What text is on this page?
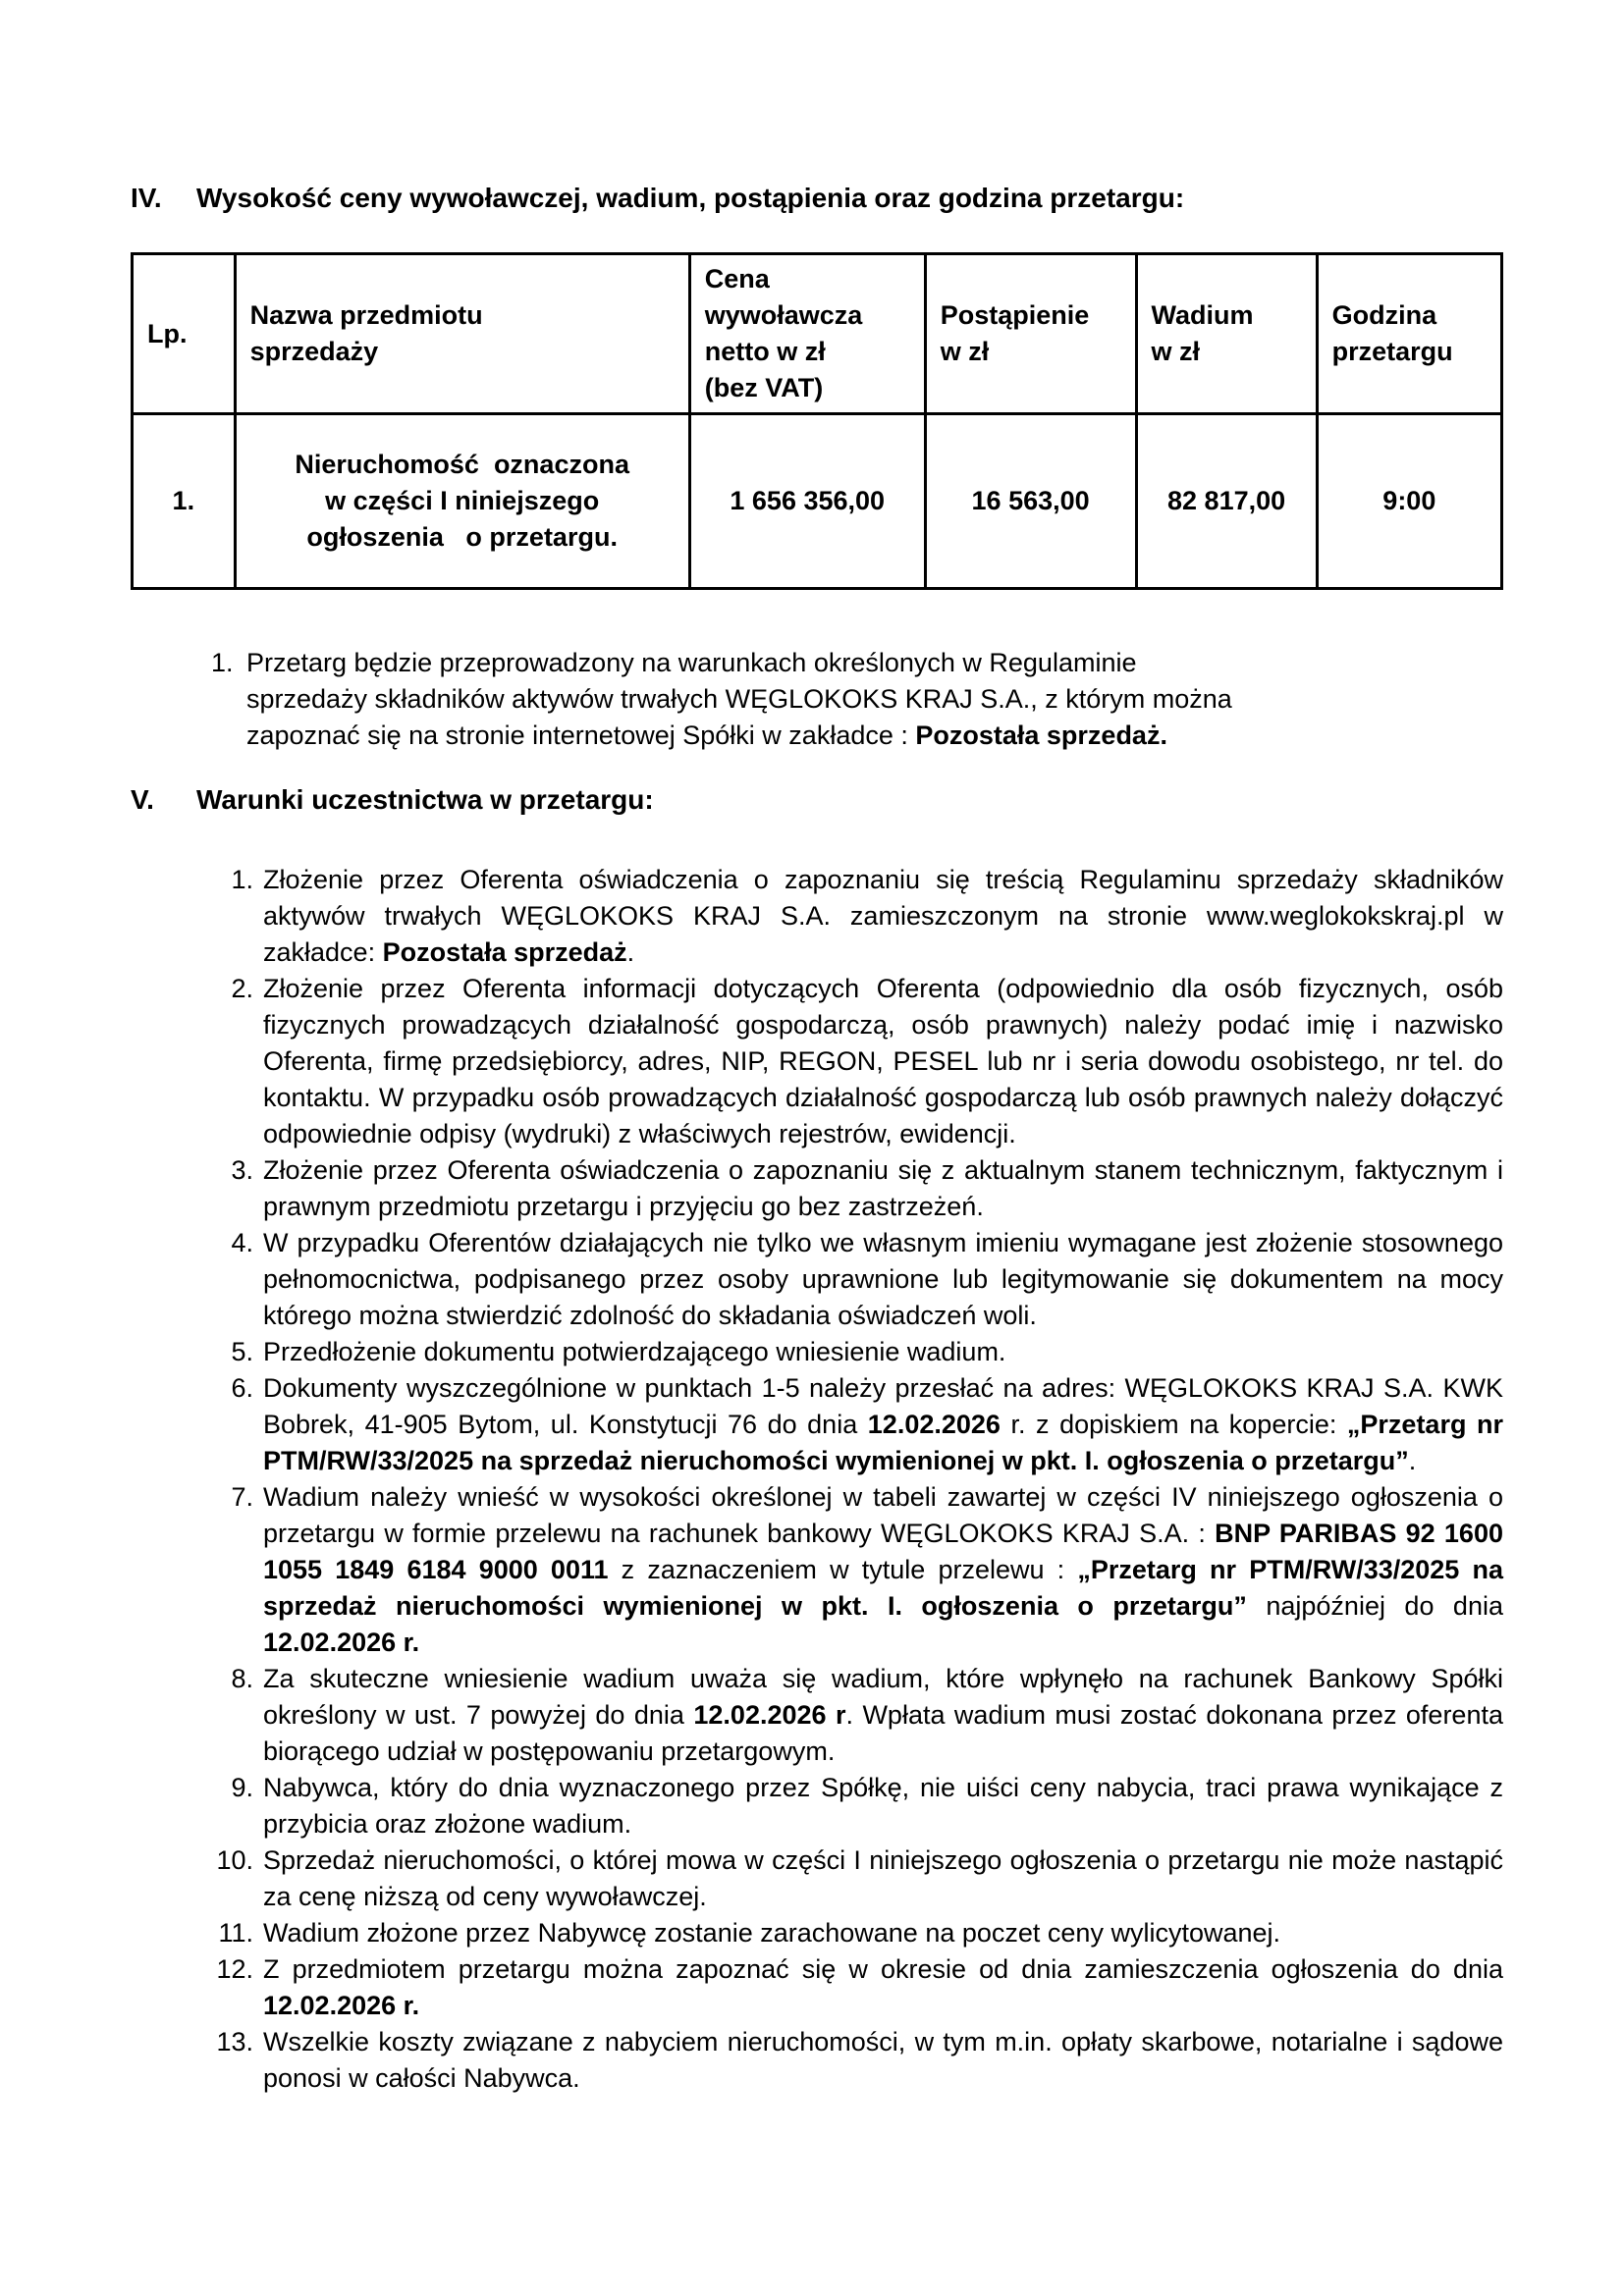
IV.	Wysokość ceny wywoławczej, wadium, postąpienia oraz godzina przetargu:
Lp.	Nazwa przedmiotu sprzedaży	Cena wywoławcza netto w zł (bez VAT)	Postąpienie w zł	Wadium w zł	Godzina przetargu

1.	Nieruchomość  oznaczona
w części I niniejszego
ogłoszenia   o przetargu.	1 656 356,00	16 563,00	82 817,00	9:00
1. Przetarg będzie przeprowadzony na warunkach określonych w Regulaminie sprzedaży składników aktywów trwałych WĘGLOKOKS KRAJ S.A., z którym można zapoznać się na stronie internetowej Spółki w zakładce : Pozostała sprzedaż.
V.	Warunki uczestnictwa w przetargu:
1. Złożenie przez Oferenta oświadczenia o zapoznaniu się treścią Regulaminu sprzedaży składników aktywów trwałych WĘGLOKOKS KRAJ S.A. zamieszczonym na stronie www.weglokokskraj.pl w zakładce: Pozostała sprzedaż.
2. Złożenie przez Oferenta informacji dotyczących Oferenta (odpowiednio dla osób fizycznych, osób fizycznych prowadzących działalność gospodarczą, osób prawnych) należy podać imię i nazwisko Oferenta, firmę przedsiębiorcy, adres, NIP, REGON, PESEL lub nr i seria dowodu osobistego, nr tel. do kontaktu. W przypadku osób prowadzących działalność gospodarczą lub osób prawnych należy dołączyć odpowiednie odpisy (wydruki) z właściwych rejestrów, ewidencji.
3. Złożenie przez Oferenta oświadczenia o zapoznaniu się z aktualnym stanem technicznym, faktycznym i prawnym przedmiotu przetargu i przyjęciu go bez zastrzeżeń.
4. W przypadku Oferentów działających nie tylko we własnym imieniu wymagane jest złożenie stosownego pełnomocnictwa, podpisanego przez osoby uprawnione lub legitymowanie się dokumentem na mocy którego można stwierdzić zdolność do składania oświadczeń woli.
5. Przedłożenie dokumentu potwierdzającego wniesienie wadium.
6. Dokumenty wyszczególnione w punktach 1-5 należy przesłać na adres: WĘGLOKOKS KRAJ S.A. KWK Bobrek, 41-905 Bytom, ul. Konstytucji 76 do dnia 12.02.2026 r. z dopiskiem na kopercie: „Przetarg nr PTM/RW/33/2025 na sprzedaż nieruchomości wymienionej w pkt. I. ogłoszenia o przetargu”.
7. Wadium należy wnieść w wysokości określonej w tabeli zawartej w części IV niniejszego ogłoszenia o przetargu w formie przelewu na rachunek bankowy WĘGLOKOKS KRAJ S.A. : BNP PARIBAS 92 1600 1055 1849 6184 9000 0011 z zaznaczeniem w tytule przelewu : „Przetarg nr PTM/RW/33/2025 na sprzedaż nieruchomości wymienionej w pkt. I. ogłoszenia o przetargu” najpóźniej do dnia 12.02.2026 r.
8. Za skuteczne wniesienie wadium uważa się wadium, które wpłynęło na rachunek Bankowy Spółki określony w ust. 7 powyżej do dnia 12.02.2026 r. Wpłata wadium musi zostać dokonana przez oferenta biorącego udział w postępowaniu przetargowym.
9. Nabywca, który do dnia wyznaczonego przez Spółkę, nie uiści ceny nabycia, traci prawa wynikające z przybicia oraz złożone wadium.
10. Sprzedaż nieruchomości, o której mowa w części I niniejszego ogłoszenia o przetargu nie może nastąpić za cenę niższą od ceny wywoławczej.
11. Wadium złożone przez Nabywcę zostanie zarachowane na poczet ceny wylicytowanej.
12. Z przedmiotem przetargu można zapoznać się w okresie od dnia zamieszczenia ogłoszenia do dnia 12.02.2026 r.
13. Wszelkie koszty związane z nabyciem nieruchomości, w tym m.in. opłaty skarbowe, notarialne i sądowe ponosi w całości Nabywca.
